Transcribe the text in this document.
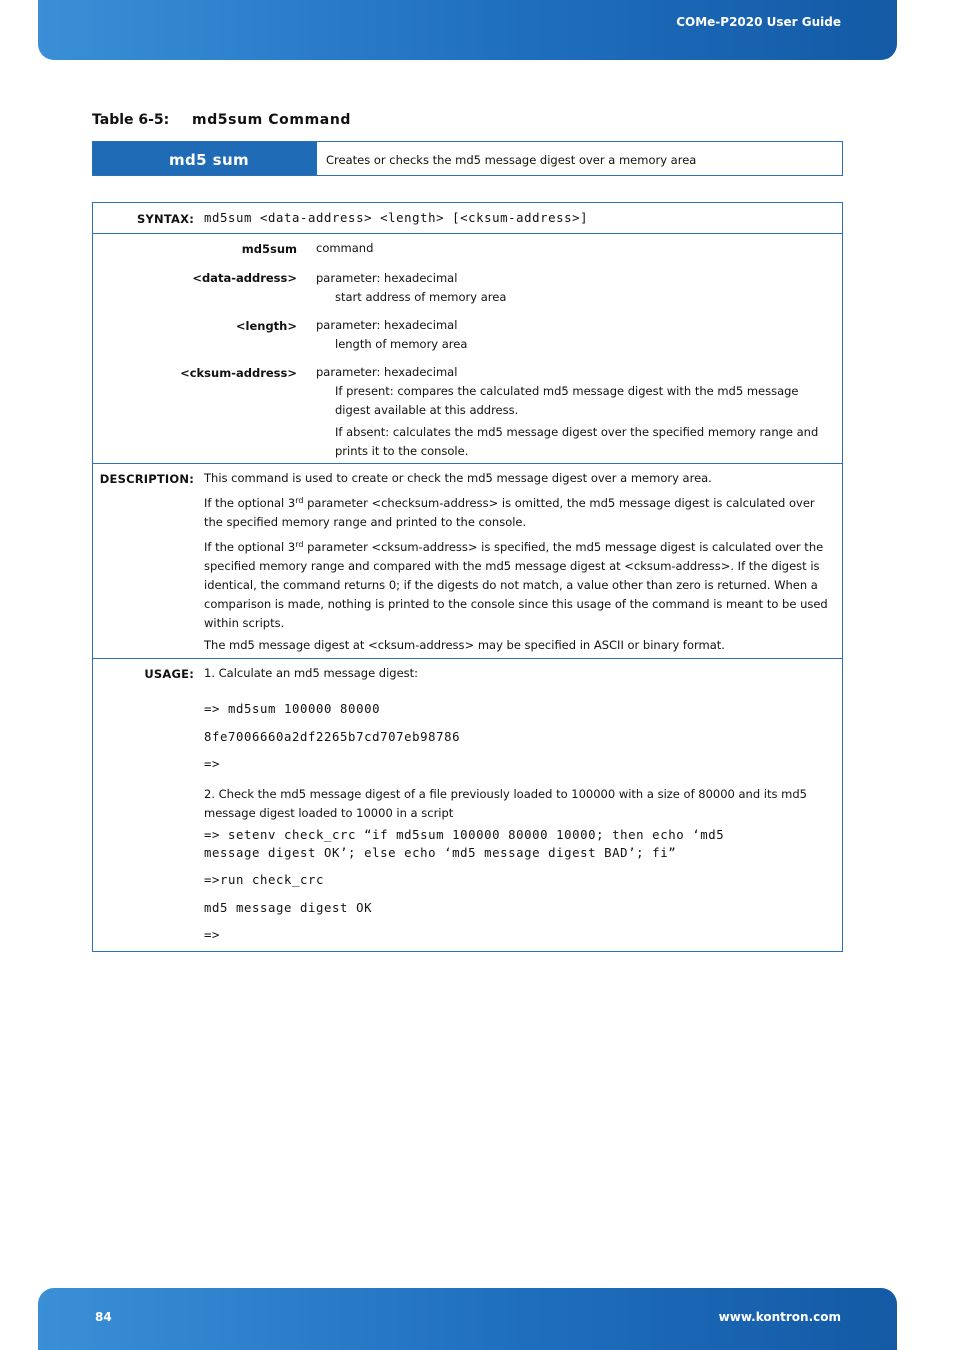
COMe-P2020 User Guide
Table 6-5: md5sum Command
md5 sum	Creates or checks the md5 message digest over a memory area
SYNTAX: md5sum <data-address> <length> [<cksum-address>]
md5sum command

<data-address> parameter: hexadecimal

start address of memory area

<length> parameter: hexadecimal

length of memory area

<cksum-address> parameter: hexadecimal

If present: compares the calculated md5 message digest with the md5 message

digest available at this address.

If absent: calculates the md5 message digest over the specified memory range and

prints it to the console.

DESCRIPTION: This command is used to create or check the md5 message digest over a memory area.

If the optional 3rd parameter <checksum-address> is omitted, the md5 message digest is calculated over

the specified memory range and printed to the console.

If the optional 3rd parameter <cksum-address> is specified, the md5 message digest is calculated over the

specified memory range and compared with the md5 message digest at <cksum-address>. If the digest is

identical, the command returns 0; if the digests do not match, a value other than zero is returned. When a

comparison is made, nothing is printed to the console since this usage of the command is meant to be used

within scripts.

The md5 message digest at <cksum-address> may be specified in ASCII or binary format.

USAGE: 1. Calculate an md5 message digest:

=> md5sum 100000 80000

8fe7006660a2df2265b7cd707eb98786

=>

2. Check the md5 message digest of a file previously loaded to 100000 with a size of 80000 and its md5

message digest loaded to 10000 in a script

=> setenv check_crc “if md5sum 100000 80000 10000; then echo ‘md5

message digest OK’; else echo ‘md5 message digest BAD’; fi”

=>run check_crc

md5 message digest OK

=>

84	www.kontron.com
